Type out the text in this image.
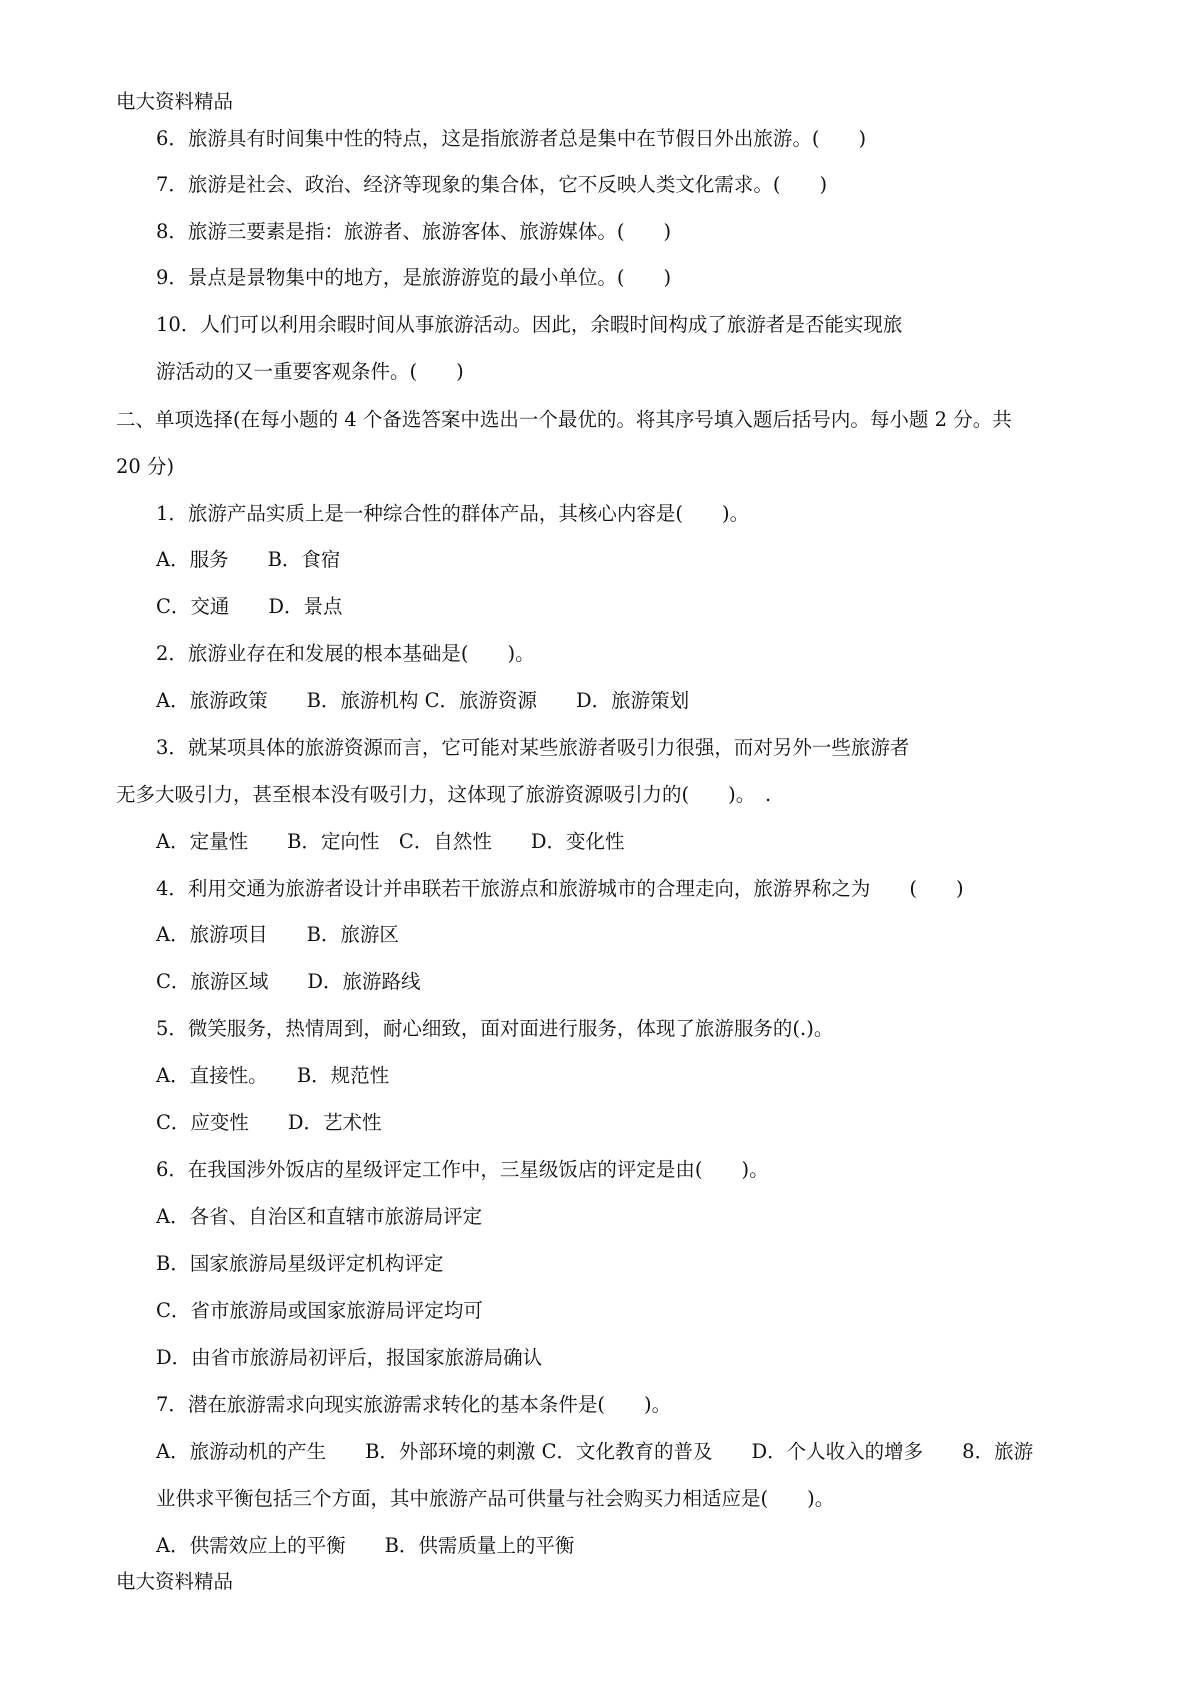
电大资料精品
6．旅游具有时间集中性的特点，这是指旅游者总是集中在节假日外出旅游。(　　)
7．旅游是社会、政治、经济等现象的集合体，它不反映人类文化需求。(　　)
8．旅游三要素是指：旅游者、旅游客体、旅游媒体。(　　)
9．景点是景物集中的地方，是旅游游览的最小单位。(　　)
10．人们可以利用余暇时间从事旅游活动。因此，余暇时间构成了旅游者是否能实现旅
游活动的又一重要客观条件。(　　)
二、单项选择(在每小题的 4 个备选答案中选出一个最优的。将其序号填入题后括号内。每小题 2 分。共
20 分)
1．旅游产品实质上是一种综合性的群体产品，其核心内容是(　　)。
A．服务　　B．食宿
C．交通　　D．景点
2．旅游业存在和发展的根本基础是(　　)。
A．旅游政策　　B．旅游机构 C．旅游资源　　D．旅游策划
3．就某项具体的旅游资源而言，它可能对某些旅游者吸引力很强，而对另外一些旅游者
无多大吸引力，甚至根本没有吸引力，这体现了旅游资源吸引力的(　　)。　.
A．定量性　　B．定向性　C．自然性　　D．变化性
4．利用交通为旅游者设计并串联若干旅游点和旅游城市的合理走向，旅游界称之为　　(　　)
A．旅游项目　　B．旅游区
C．旅游区域　　D．旅游路线
5．微笑服务，热情周到，耐心细致，面对面进行服务，体现了旅游服务的(.)。
A．直接性。　　B．规范性
C．应变性　　D．艺术性
6．在我国涉外饭店的星级评定工作中，三星级饭店的评定是由(　　)。
A．各省、自治区和直辖市旅游局评定
B．国家旅游局星级评定机构评定
C．省市旅游局或国家旅游局评定均可
D．由省市旅游局初评后，报国家旅游局确认
7．潜在旅游需求向现实旅游需求转化的基本条件是(　　)。
A．旅游动机的产生　　B．外部环境的刺激 C．文化教育的普及　　D．个人收入的增多　　8．旅游
业供求平衡包括三个方面，其中旅游产品可供量与社会购买力相适应是(　　)。
A．供需效应上的平衡　　B．供需质量上的平衡
电大资料精品
